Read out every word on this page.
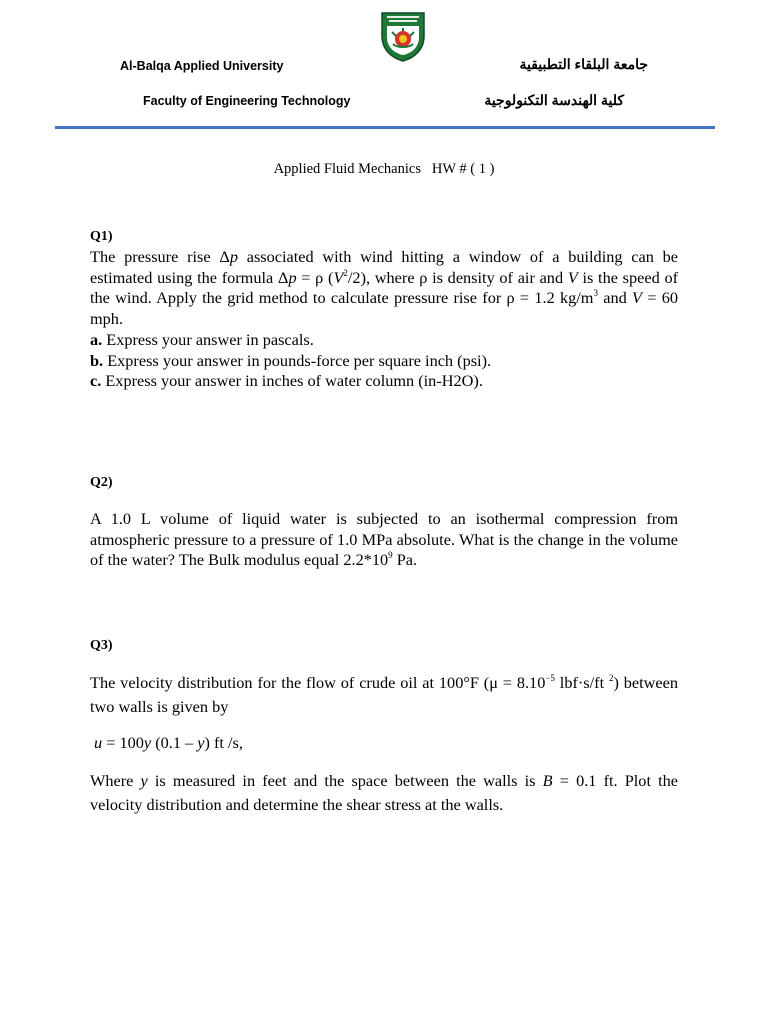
Al-Balqa Applied University
Faculty of Engineering Technology
جامعة البلقاء التطبيقية
كلية الهندسة التكنولوجية
Applied Fluid Mechanics   HW # ( 1 )
Q1)

The pressure rise Δp associated with wind hitting a window of a building can be estimated using the formula Δp = ρ $(V^2/2)$, where ρ is density of air and V is the speed of the wind. Apply the grid method to calculate pressure rise for ρ = 1.2 $kg/m^3$ and V = 60 mph.

a. Express your answer in pascals.

b. Express your answer in pounds-force per square inch (psi).

c. Express your answer in inches of water column (in-H2O).

Q2)

A 1.0 L volume of liquid water is subjected to an isothermal compression from atmospheric pressure to a pressure of 1.0 MPa absolute. What is the change in the volume of the water? The Bulk modulus equal $2.2*10^9$ Pa.

Q3)

The velocity distribution for the flow of crude oil at 100°F ($\mu = 8.10^{-5}$ lbf·s/ft $^2$) between two walls is given by

u = 100y (0.1 – y) ft /s,

Where y is measured in feet and the space between the walls is B = 0.1 ft. Plot the velocity distribution and determine the shear stress at the walls.
